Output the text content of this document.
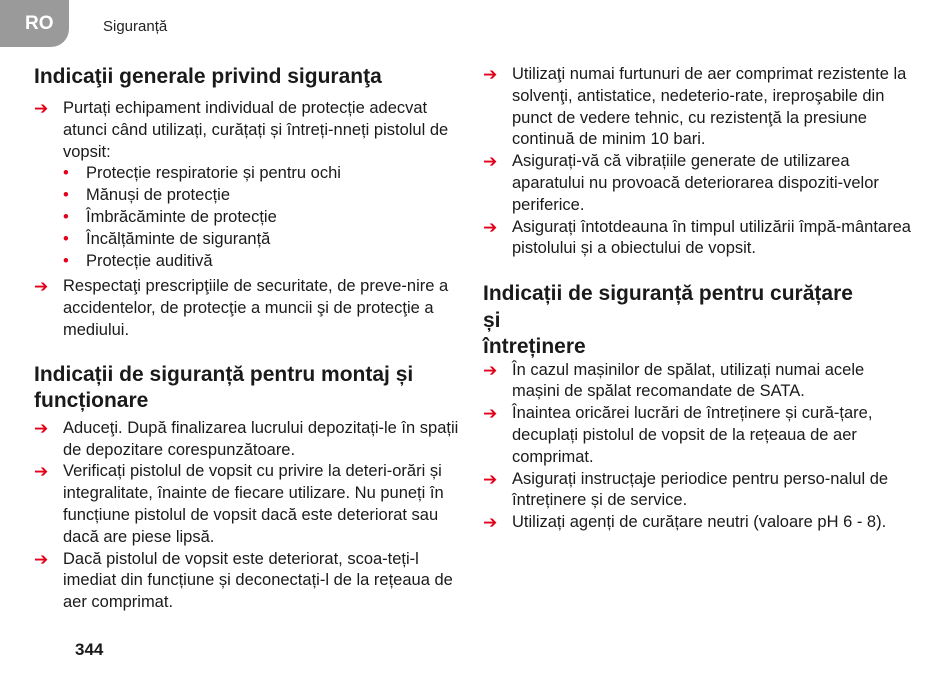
RO	Siguranță
Indicaţii generale privind siguranţa
➔ Purtați echipament individual de protecție adecvat atunci când utilizați, curățați și întreți-nneți pistolul de vopsit:
• Protecție respiratorie și pentru ochi
• Mănuși de protecție
• Îmbrăcăminte de protecție
• Încălțăminte de siguranță
• Protecție auditivă
➔ Respectaţi prescripţiile de securitate, de preve-nire a accidentelor, de protecţie a muncii şi de protecţie a mediului.
Indicații de siguranță pentru montaj și funcționare
➔ Aduceţi. După finalizarea lucrului depozitați-le în spații de depozitare corespunzătoare.
➔ Verificați pistolul de vopsit cu privire la deteri-orări și integralitate, înainte de fiecare utilizare. Nu puneți în funcțiune pistolul de vopsit dacă este deteriorat sau dacă are piese lipsă.
➔ Dacă pistolul de vopsit este deteriorat, scoa-teți-l imediat din funcțiune și deconectați-l de la rețeaua de aer comprimat.
➔ Utilizaţi numai furtunuri de aer comprimat rezistente la solvenţi, antistatice, nedeterio-rate, ireproşabile din punct de vedere tehnic, cu rezistenţă la presiune continuă de minim 10 bari.
➔ Asigurați-vă că vibrațiile generate de utilizarea aparatului nu provoacă deteriorarea dispoziti-velor periferice.
➔ Asigurați întotdeauna în timpul utilizării împă-mântarea pistolului și a obiectului de vopsit.
Indicații de siguranță pentru curățare
și
întreținere
➔ În cazul mașinilor de spălat, utilizați numai acele mașini de spălat recomandate de SATA.
➔ Înaintea oricărei lucrări de întreținere și cură-țare, decuplați pistolul de vopsit de la rețeaua de aer comprimat.
➔ Asigurați instrucțaje periodice pentru perso-nalul de întreținere și de service.
➔ Utilizați agenți de curățare neutri (valoare pH 6 - 8).
344
